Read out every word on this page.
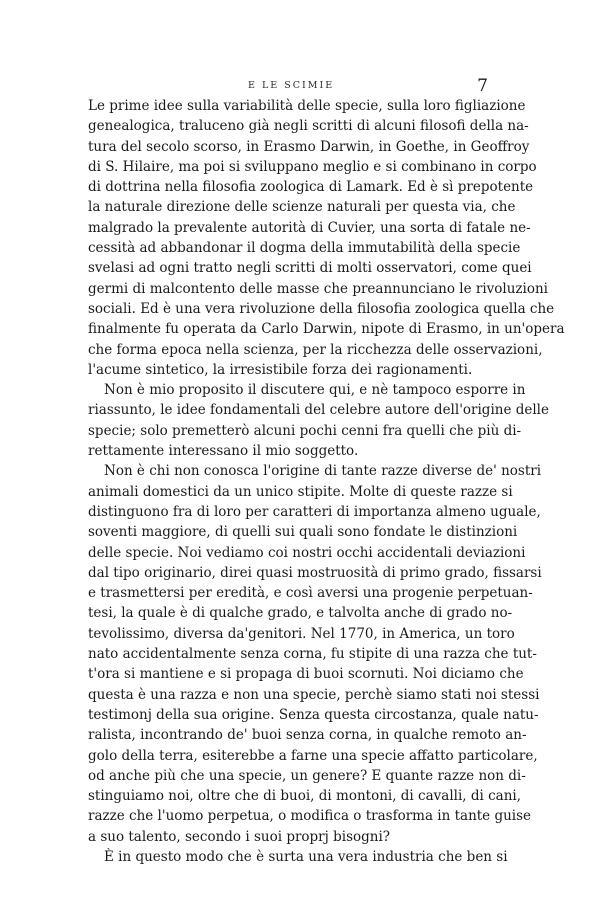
E LE SCIMIE	7
Le prime idee sulla variabilità delle specie, sulla loro figliazione
genealogica, traluceno già negli scritti di alcuni filosofi della na-
tura del secolo scorso, in Erasmo Darwin, in Goethe, in Geoffroy
di S. Hilaire, ma poi si sviluppano meglio e si combinano in corpo
di dottrina nella filosofia zoologica di Lamark. Ed è sì prepotente
la naturale direzione delle scienze naturali per questa via, che
malgrado la prevalente autorità di Cuvier, una sorta di fatale ne-
cessità ad abbandonar il dogma della immutabilità della specie
svelasi ad ogni tratto negli scritti di molti osservatori, come quei
germi di malcontento delle masse che preannunciano le rivoluzioni
sociali. Ed è una vera rivoluzione della filosofia zoologica quella che
finalmente fu operata da Carlo Darwin, nipote di Erasmo, in un'opera
che forma epoca nella scienza, per la ricchezza delle osservazioni,
l'acume sintetico, la irresistibile forza dei ragionamenti.
Non è mio proposito il discutere qui, e nè tampoco esporre in
riassunto, le idee fondamentali del celebre autore dell'origine delle
specie; solo premetterò alcuni pochi cenni fra quelli che più di-
rettamente interessano il mio soggetto.
Non è chi non conosca l'origine di tante razze diverse de' nostri
animali domestici da un unico stipite. Molte di queste razze si
distinguono fra di loro per caratteri di importanza almeno uguale,
soventi maggiore, di quelli sui quali sono fondate le distinzioni
delle specie. Noi vediamo coi nostri occhi accidentali deviazioni
dal tipo originario, direi quasi mostruosità di primo grado, fissarsi
e trasmettersi per eredità, e così aversi una progenie perpetuan-
tesi, la quale è di qualche grado, e talvolta anche di grado no-
tevolissimo, diversa da'genitori. Nel 1770, in America, un toro
nato accidentalmente senza corna, fu stipite di una razza che tut-
t'ora si mantiene e si propaga di buoi scornuti. Noi diciamo che
questa è una razza e non una specie, perchè siamo stati noi stessi
testimonj della sua origine. Senza questa circostanza, quale natu-
ralista, incontrando de' buoi senza corna, in qualche remoto an-
golo della terra, esiterebbe a farne una specie affatto particolare,
od anche più che una specie, un genere? E quante razze non di-
stinguiamo noi, oltre che di buoi, di montoni, di cavalli, di cani,
razze che l'uomo perpetua, o modifica o trasforma in tante guise
a suo talento, secondo i suoi proprj bisogni?
È in questo modo che è surta una vera industria che ben si
